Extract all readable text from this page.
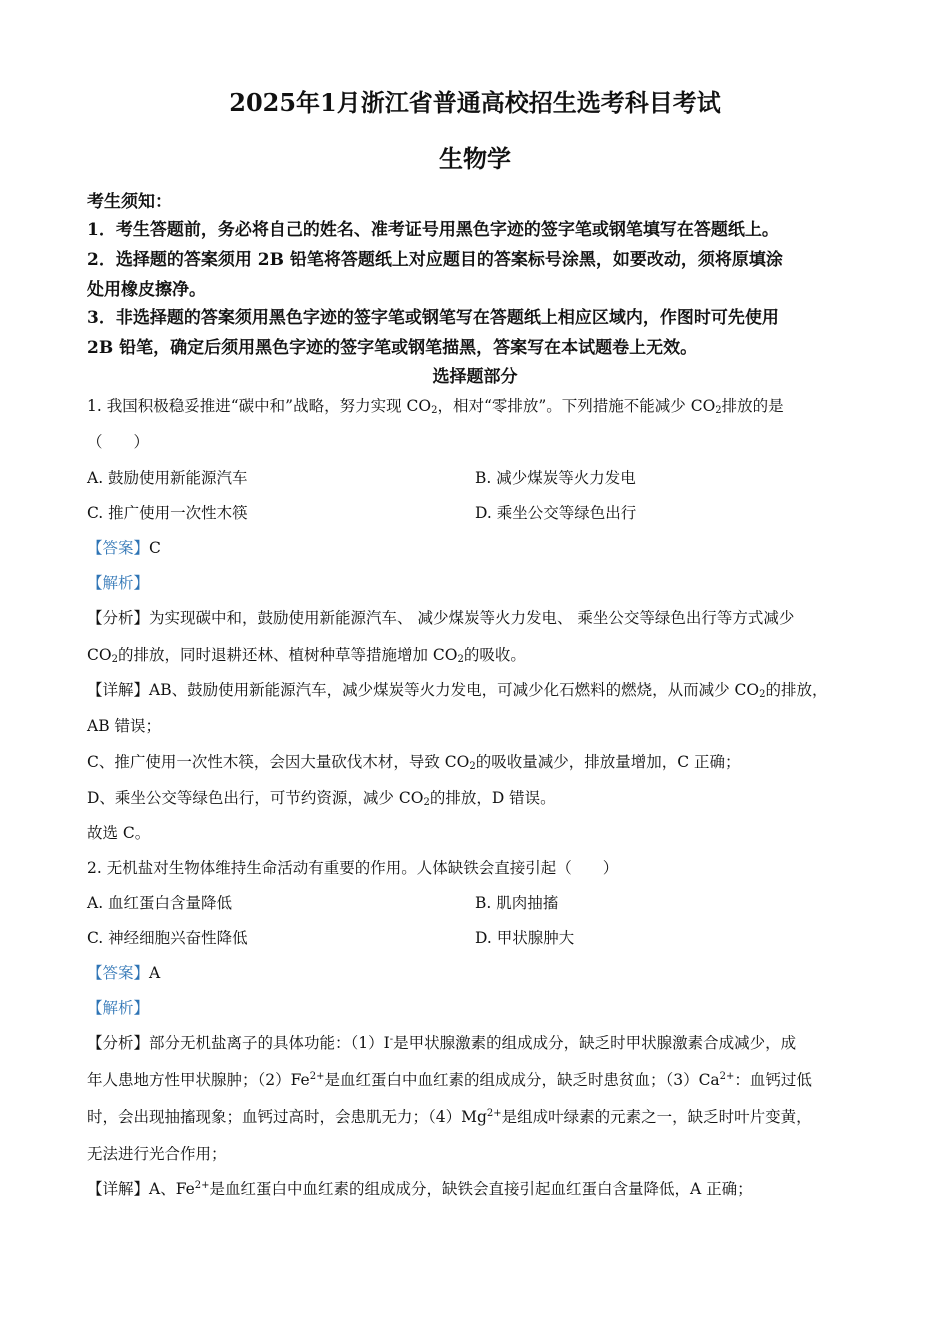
2025年1月浙江省普通高校招生选考科目考试
生物学
考生须知：
1．考生答题前，务必将自己的姓名、准考证号用黑色字迹的签字笔或钢笔填写在答题纸上。
2．选择题的答案须用 2B 铅笔将答题纸上对应题目的答案标号涂黑，如要改动，须将原填涂
处用橡皮擦净。
3．非选择题的答案须用黑色字迹的签字笔或钢笔写在答题纸上相应区域内，作图时可先使用
2B 铅笔，确定后须用黑色字迹的签字笔或钢笔描黑，答案写在本试题卷上无效。
选择题部分
1. 我国积极稳妥推进“碳中和”战略，努力实现 $CO_2$，相对“零排放”。下列措施不能减少 $CO_2$排放的是
（　　）
A. 鼓励使用新能源汽车	B. 减少煤炭等火力发电
C. 推广使用一次性木筷	D. 乘坐公交等绿色出行
【答案】C
【解析】
【分析】为实现碳中和，鼓励使用新能源汽车、 减少煤炭等火力发电、 乘坐公交等绿色出行等方式减少
$CO_2$的排放，同时退耕还林、植树种草等措施增加 $CO_2$的吸收。
【详解】AB、鼓励使用新能源汽车，减少煤炭等火力发电，可减少化石燃料的燃烧，从而减少 $CO_2$的排放，
AB 错误；
C、推广使用一次性木筷，会因大量砍伐木材，导致 $CO_2$的吸收量减少，排放量增加，C 正确；
D、乘坐公交等绿色出行，可节约资源，减少 $CO_2$的排放，D 错误。
故选 C。
2. 无机盐对生物体维持生命活动有重要的作用。人体缺铁会直接引起（　　）
A. 血红蛋白含量降低	B. 肌肉抽搐
C. 神经细胞兴奋性降低	D. 甲状腺肿大
【答案】A
【解析】
【分析】部分无机盐离子的具体功能：（1）I-是甲状腺激素的组成成分，缺乏时甲状腺激素合成减少，成
年人患地方性甲状腺肿；$(2)Fe^{2+}$是血红蛋白中血红素的组成成分，缺乏时患贫血；$(3)Ca^{2+}$：血钙过低
时，会出现抽搐现象；血钙过高时，会患肌无力；$(4)Mg^{2+}$是组成叶绿素的元素之一，缺乏时叶片变黄，
无法进行光合作用；
【详解】A、$Fe^{2+}$是血红蛋白中血红素的组成成分，缺铁会直接引起血红蛋白含量降低，A 正确；
